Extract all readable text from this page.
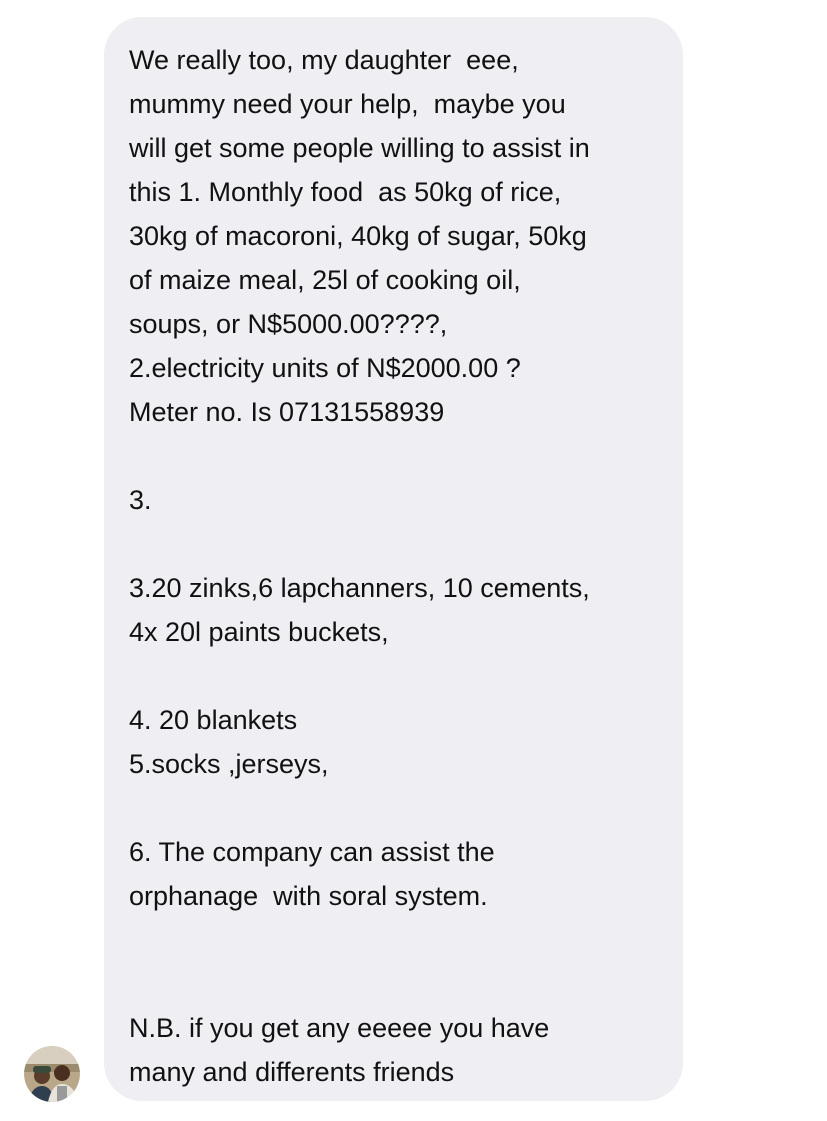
We really too, my daughter  eee,
mummy need your help,  maybe you
will get some people willing to assist in
this 1. Monthly food  as 50kg of rice,
30kg of macoroni, 40kg of sugar, 50kg
of maize meal, 25l of cooking oil,
soups, or N$5000.00????,
2.electricity units of N$2000.00 ?
Meter no. Is 07131558939
3.
3.20 zinks,6 lapchanners, 10 cements,
4x 20l paints buckets,
4. 20 blankets
5.socks ,jerseys,
6. The company can assist the
orphanage  with soral system.
N.B. if you get any eeeee you have
many and differents friends
